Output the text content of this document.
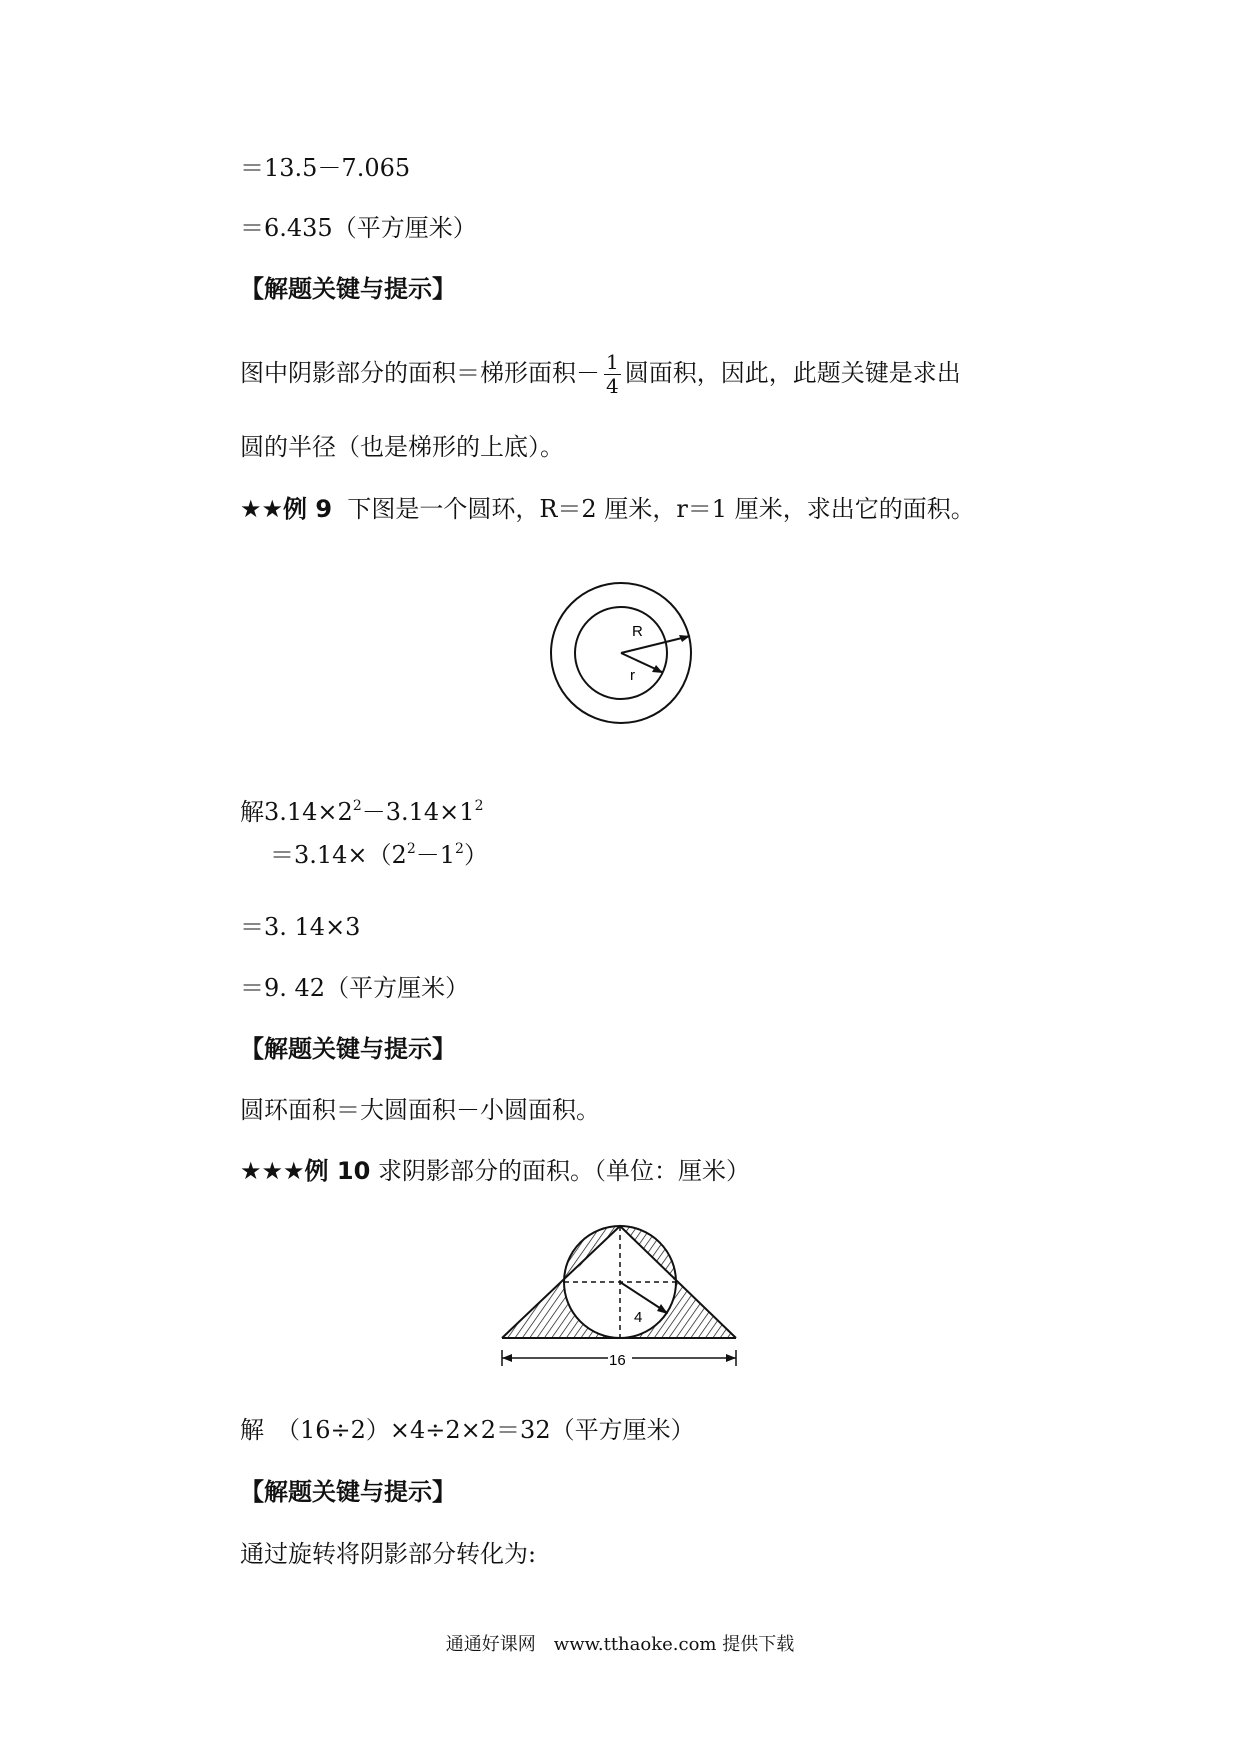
＝13.5－7.065
＝6.435（平方厘米）
【解题关键与提示】
图中阴影部分的面积＝梯形面积－ $\frac{1}{4}$ 圆面积，因此，此题关键是求出
圆的半径（也是梯形的上底）。
★★例 9 下图是一个圆环，R＝2 厘米，r＝1 厘米，求出它的面积。
R
r
解$3.14\times 2^2-3.14\times 1^2$
$=3.14\times(2^2-1^2)$
＝3. 14×3
＝9. 42（平方厘米）
【解题关键与提示】
圆环面积＝大圆面积－小圆面积。
★★★例 10 求阴影部分的面积。（单位：厘米）
4
16
解　（16÷2）×4÷2×2＝32（平方厘米）
【解题关键与提示】
通过旋转将阴影部分转化为:
通通好课网　www.tthaoke.com 提供下载
